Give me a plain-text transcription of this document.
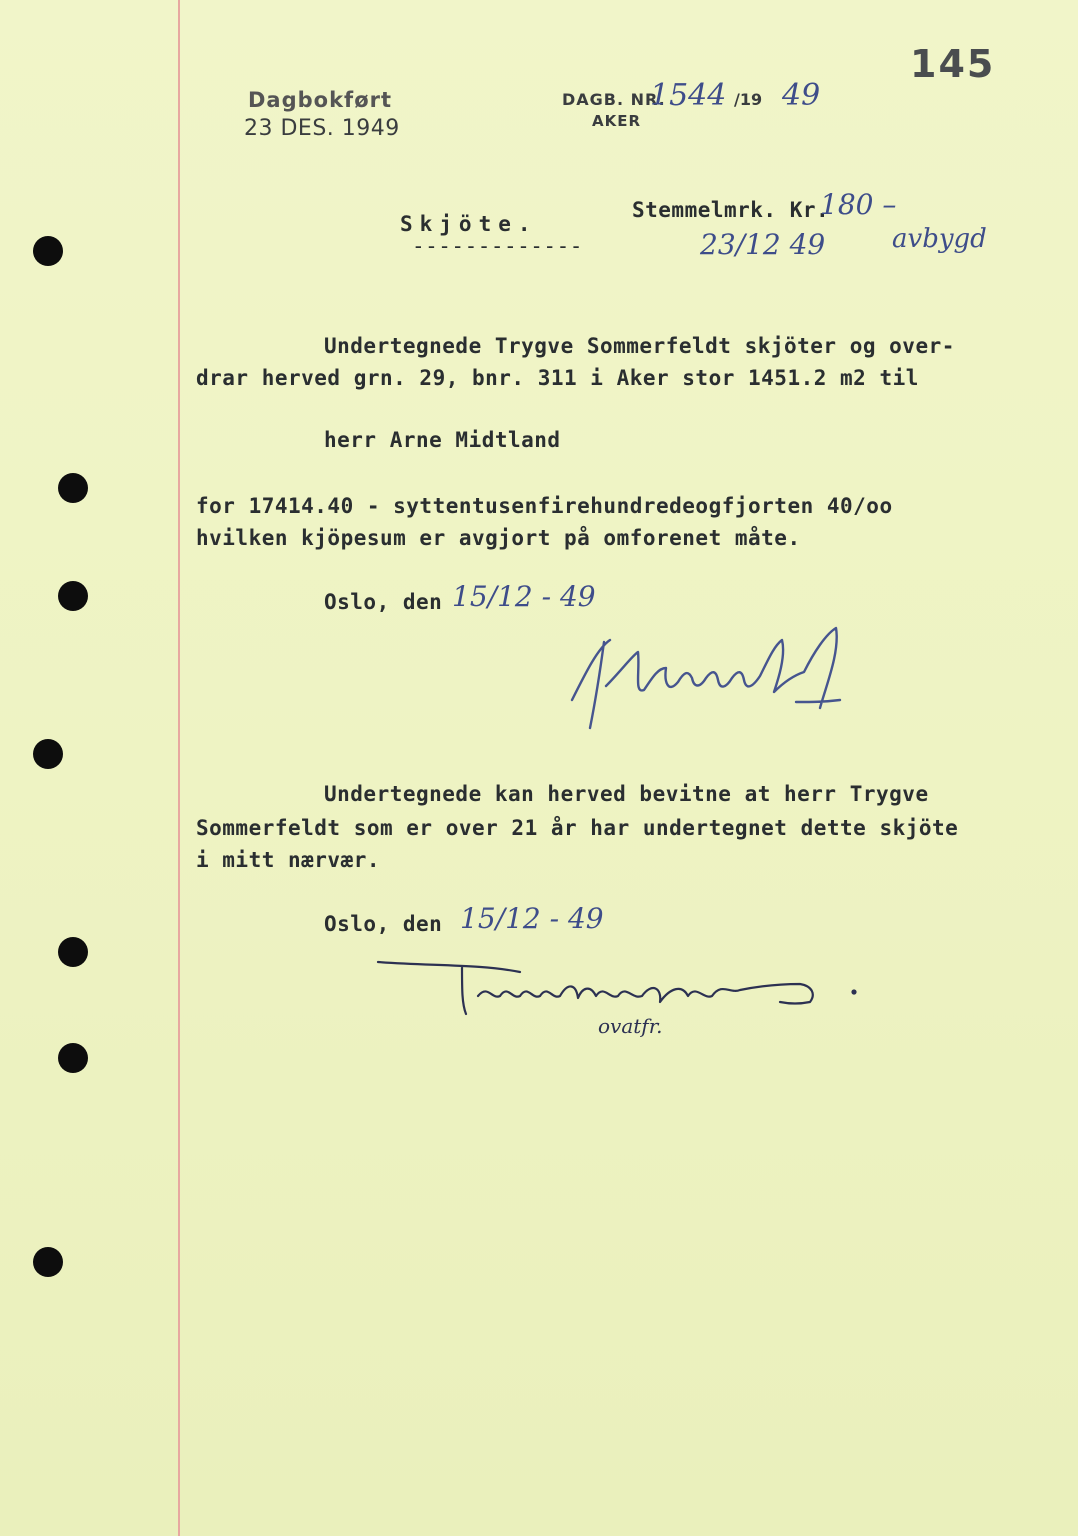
145
Dagbokført
23 DES. 1949
DAGB. NR.
1544 /19 49
AKER
Stemmelmrk. Kr.
180 –
23/12 49	avbygd
Skjöte.
-------------
Undertegnede Trygve Sommerfeldt skjöter og over-
drar herved grn. 29, bnr. 311 i Aker stor 1451.2 m2 til
herr Arne Midtland
for 17414.40 - syttentusenfirehundredeogfjorten 40/oo
hvilken kjöpesum er avgjort på omforenet måte.
Oslo, den 15/12 - 49
Undertegnede kan herved bevitne at herr Trygve
Sommerfeldt som er over 21 år har undertegnet dette skjöte
i mitt nærvær.
Oslo, den 15/12 - 49
ovatfr.
